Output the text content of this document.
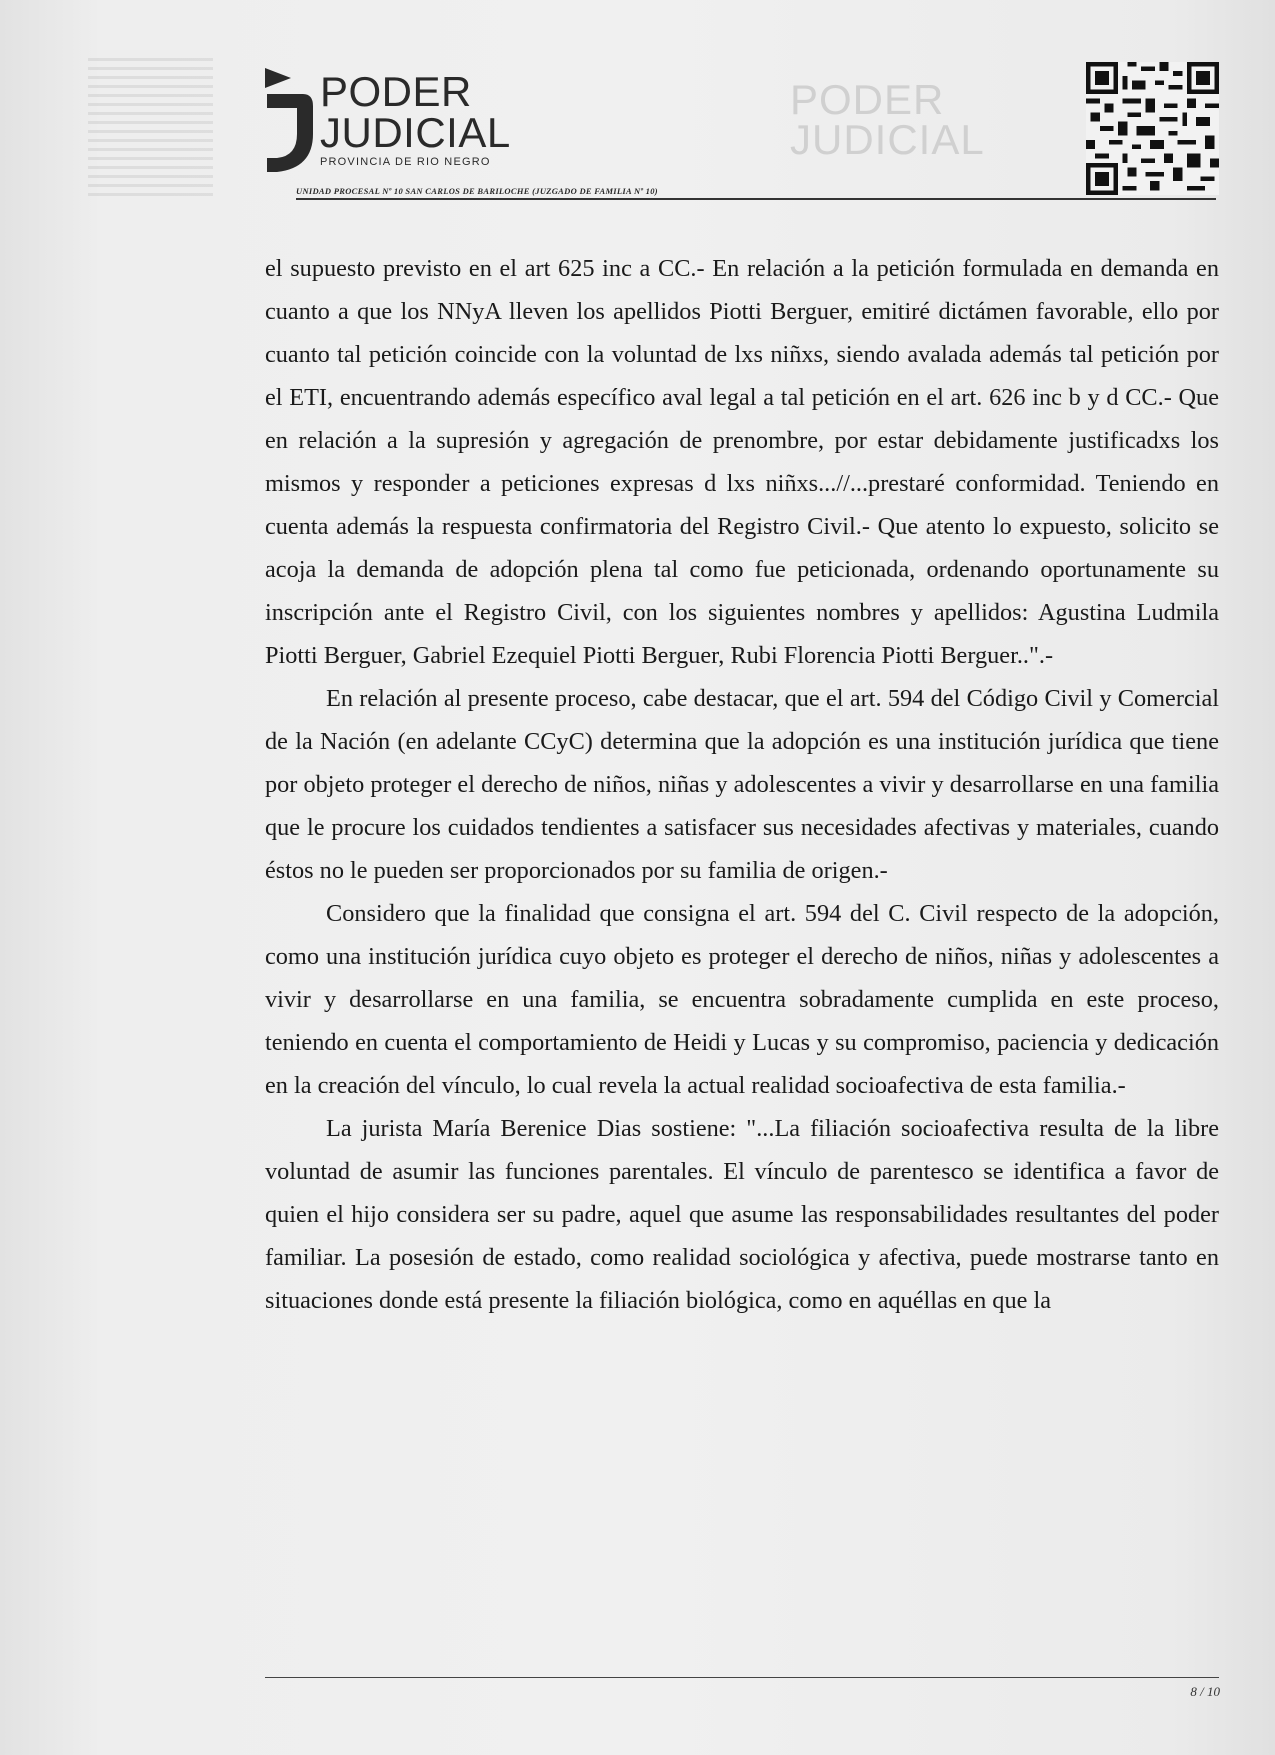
PODER
JUDICIAL
PODER
JUDICIAL
PROVINCIA DE RIO NEGRO
UNIDAD PROCESAL Nº 10 SAN CARLOS DE BARILOCHE (JUZGADO DE FAMILIA Nº 10)

el supuesto previsto en el art 625 inc a CC.- En relación a la petición formulada en demanda en cuanto a que los NNyA lleven los apellidos Piotti Berguer, emitiré dictámen favorable, ello por cuanto tal petición coincide con la voluntad de lxs niñxs, siendo avalada además tal petición por el ETI, encuentrando además específico aval legal a tal petición en el art. 626 inc b y d CC.- Que en relación a la supresión y agregación de prenombre, por estar debidamente justificadxs los mismos y responder a peticiones expresas d lxs niñxs...//...prestaré conformidad. Teniendo en cuenta además la respuesta confirmatoria del Registro Civil.- Que atento lo expuesto, solicito se acoja la demanda de adopción plena tal como fue peticionada, ordenando oportunamente su inscripción ante el Registro Civil, con los siguientes nombres y apellidos: Agustina Ludmila Piotti Berguer, Gabriel Ezequiel Piotti Berguer, Rubi Florencia Piotti Berguer..".-

En relación al presente proceso, cabe destacar, que el art. 594 del Código Civil y Comercial de la Nación (en adelante CCyC) determina que la adopción es una institución jurídica que tiene por objeto proteger el derecho de niños, niñas y adolescentes a vivir y desarrollarse en una familia que le procure los cuidados tendientes a satisfacer sus necesidades afectivas y materiales, cuando éstos no le pueden ser proporcionados por su familia de origen.-

Considero que la finalidad que consigna el art. 594 del C. Civil respecto de la adopción, como una institución jurídica cuyo objeto es proteger el derecho de niños, niñas y adolescentes a vivir y desarrollarse en una familia, se encuentra sobradamente cumplida en este proceso, teniendo en cuenta el comportamiento de Heidi y Lucas y su compromiso, paciencia y dedicación en la creación del vínculo, lo cual revela la actual realidad socioafectiva de esta familia.-

La jurista María Berenice Dias sostiene: "...La filiación socioafectiva resulta de la libre voluntad de asumir las funciones parentales. El vínculo de parentesco se identifica a favor de quien el hijo considera ser su padre, aquel que asume las responsabilidades resultantes del poder familiar. La posesión de estado, como realidad sociológica y afectiva, puede mostrarse tanto en situaciones donde está presente la filiación biológica, como en aquéllas en que la

8 / 10
